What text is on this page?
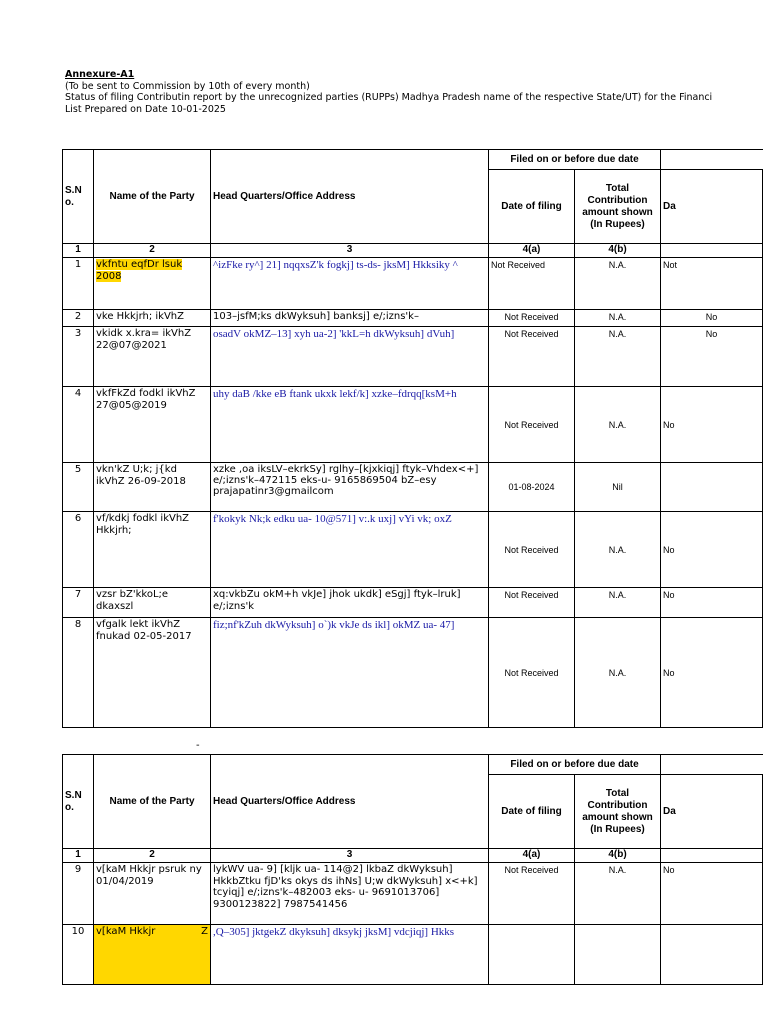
Annexure-A1
(To be sent to Commission by 10th of every month)
Status of filing Contributin report by the unrecognized parties (RUPPs) Madhya Pradesh name of the respective State/UT) for the Financi
List Prepared on Date 10-01-2025
S.N o.	Name of the Party	Head Quarters/Office Address	Filed on or before due date		
			Date of filing	Total Contribution amount shown (In Rupees)	Da
1	2	3	4(a)	4(b)	
1	vkfntu eqfDr lsuk 2008	^izFke ry^] 21] nqqxsZ'k fogkj] ts-ds- jksM] Hkksiky ^	Not Received	N.A.	Not
2	vke Hkkjrh; ikVhZ	103–jsfM;ks dkWyksuh] banksj] e/;izns'k–	Not Received	N.A.	No
3	vkidk x.kra= ikVhZ 22@07@2021	osadV okMZ–13] xyh ua-2] 'kkL=h dkWyksuh] dVuh]	Not Received	N.A.	No
4	vkfFkZd fodkl ikVhZ 27@05@2019	uhy daB /kke eB ftank ukxk lekf/k] xzke–fdrqq[ksM+h	Not Received	N.A.	No
5	vkn'kZ U;k; j{kd ikVhZ 26-09-2018	xzke ,oa iksLV–ekrkSy] rglhy–[kjxkiqj] ftyk–Vhdex<+] e/;izns'k–472115 eks-u- 9165869504 bZ–esy prajapatinr3@gmailcom	01-08-2024	Nil	
6	vf/kdkj fodkl ikVhZ Hkkjrh;	f'kokyk Nk;k edku ua- 10@571] v:.k uxj] vYi vk; oxZ	Not Received	N.A.	No
7	vzsr bZ'kkoL;e dkaxszl	xq:vkbZu okM+h vkJe] jhok ukdk] eSgj] ftyk–lruk] e/;izns'k	Not Received	N.A.	No
8	vfgalk lekt ikVhZ fnukad 02-05-2017	fiz;nf'kZuh dkWyksuh] o`)k vkJe ds ikl] okMZ ua- 47]	Not Received	N.A.	No
-
S.N o.	Name of the Party	Head Quarters/Office Address	Filed on or before due date		
			Date of filing	Total Contribution amount shown (In Rupees)	Da
1	2	3	4(a)	4(b)	
9	v[kaM Hkkjr psruk ny 01/04/2019	lykWV ua- 9] [kljk ua- 114@2] lkbaZ dkWyksuh] HkkbZtku fjD'ks okys ds ihNs] U;w dkWyksuh] x<+k] tcyiqj] e/;izns'k–482003 eks- u- 9691013706] 9300123822] 7987541456	Not Received	N.A.	No
10	v[kaM Hkkjr Z	,Q–305] jktgekZ dkyksuh] dksykj jksM] vdcjiqj] Hkks			
